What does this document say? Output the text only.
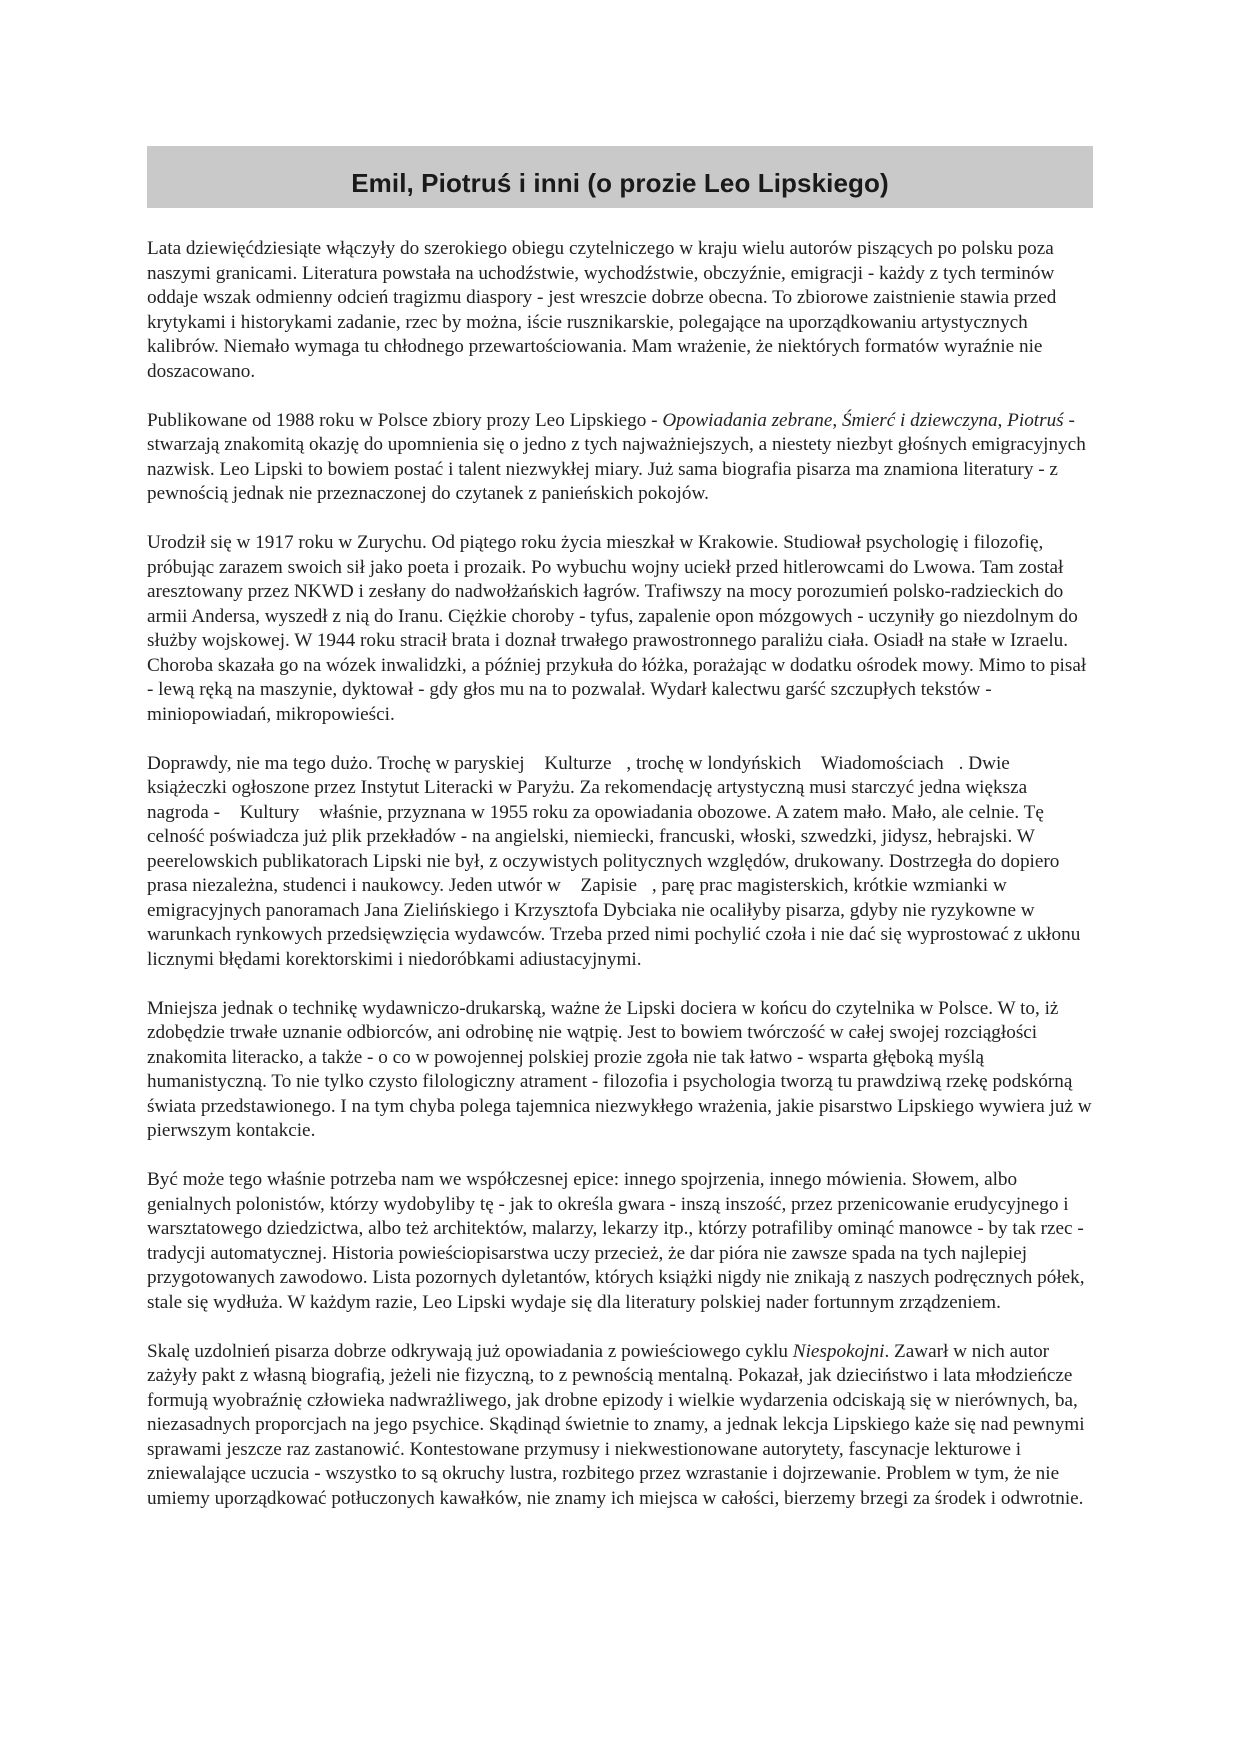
Emil, Piotruś i inni (o prozie Leo Lipskiego)

Lata dziewięćdziesiąte włączyły do szerokiego obiegu czytelniczego w kraju wielu autorów piszących po polsku poza naszymi granicami. Literatura powstała na uchodźstwie, wychodźstwie, obczyźnie, emigracji - każdy z tych terminów oddaje wszak odmienny odcień tragizmu diaspory - jest wreszcie dobrze obecna. To zbiorowe zaistnienie stawia przed krytykami i historykami zadanie, rzec by można, iście rusznikarskie, polegające na uporządkowaniu artystycznych kalibrów. Niemało wymaga tu chłodnego przewartościowania. Mam wrażenie, że niektórych formatów wyraźnie nie doszacowano.

Publikowane od 1988 roku w Polsce zbiory prozy Leo Lipskiego - Opowiadania zebrane, Śmierć i dziewczyna, Piotruś - stwarzają znakomitą okazję do upomnienia się o jedno z tych najważniejszych, a niestety niezbyt głośnych emigracyjnych nazwisk. Leo Lipski to bowiem postać i talent niezwykłej miary. Już sama biografia pisarza ma znamiona literatury - z pewnością jednak nie przeznaczonej do czytanek z panieńskich pokojów.

Urodził się w 1917 roku w Zurychu. Od piątego roku życia mieszkał w Krakowie. Studiował psychologię i filozofię, próbując zarazem swoich sił jako poeta i prozaik. Po wybuchu wojny uciekł przed hitlerowcami do Lwowa. Tam został aresztowany przez NKWD i zesłany do nadwołżańskich łagrów. Trafiwszy na mocy porozumień polsko-radzieckich do armii Andersa, wyszedł z nią do Iranu. Ciężkie choroby - tyfus, zapalenie opon mózgowych - uczyniły go niezdolnym do służby wojskowej. W 1944 roku stracił brata i doznał trwałego prawostronnego paraliżu ciała. Osiadł na stałe w Izraelu. Choroba skazała go na wózek inwalidzki, a później przykuła do łóżka, porażając w dodatku ośrodek mowy. Mimo to pisał - lewą ręką na maszynie, dyktował - gdy głos mu na to pozwalał. Wydarł kalectwu garść szczupłych tekstów - miniopowiadań, mikropowieści.

Doprawdy, nie ma tego dużo. Trochę w paryskiej  Kulturze , trochę w londyńskich  Wiadomościach . Dwie książeczki ogłoszone przez Instytut Literacki w Paryżu. Za rekomendację artystyczną musi starczyć jedna większa nagroda -  Kultury  właśnie, przyznana w 1955 roku za opowiadania obozowe. A zatem mało. Mało, ale celnie. Tę celność poświadcza już plik przekładów - na angielski, niemiecki, francuski, włoski, szwedzki, jidysz, hebrajski. W peerelowskich publikatorach Lipski nie był, z oczywistych politycznych względów, drukowany. Dostrzegła do dopiero prasa niezależna, studenci i naukowcy. Jeden utwór w  Zapisie , parę prac magisterskich, krótkie wzmianki w emigracyjnych panoramach Jana Zielińskiego i Krzysztofa Dybciaka nie ocaliłyby pisarza, gdyby nie ryzykowne w warunkach rynkowych przedsięwzięcia wydawców. Trzeba przed nimi pochylić czoła i nie dać się wyprostować z ukłonu licznymi błędami korektorskimi i niedoróbkami adiustacyjnymi.

Mniejsza jednak o technikę wydawniczo-drukarską, ważne że Lipski dociera w końcu do czytelnika w Polsce. W to, iż zdobędzie trwałe uznanie odbiorców, ani odrobinę nie wątpię. Jest to bowiem twórczość w całej swojej rozciągłości znakomita literacko, a także - o co w powojennej polskiej prozie zgoła nie tak łatwo - wsparta głęboką myślą humanistyczną. To nie tylko czysto filologiczny atrament - filozofia i psychologia tworzą tu prawdziwą rzekę podskórną świata przedstawionego. I na tym chyba polega tajemnica niezwykłego wrażenia, jakie pisarstwo Lipskiego wywiera już w pierwszym kontakcie.

Być może tego właśnie potrzeba nam we współczesnej epice: innego spojrzenia, innego mówienia. Słowem, albo genialnych polonistów, którzy wydobyliby tę - jak to określa gwara - inszą inszość, przez przenicowanie erudycyjnego i warsztatowego dziedzictwa, albo też architektów, malarzy, lekarzy itp., którzy potrafiliby ominąć manowce - by tak rzec - tradycji automatycznej. Historia powieściopisarstwa uczy przecież, że dar pióra nie zawsze spada na tych najlepiej przygotowanych zawodowo. Lista pozornych dyletantów, których książki nigdy nie znikają z naszych podręcznych półek, stale się wydłuża. W każdym razie, Leo Lipski wydaje się dla literatury polskiej nader fortunnym zrządzeniem.

Skalę uzdolnień pisarza dobrze odkrywają już opowiadania z powieściowego cyklu Niespokojni. Zawarł w nich autor zażyły pakt z własną biografią, jeżeli nie fizyczną, to z pewnością mentalną. Pokazał, jak dzieciństwo i lata młodzieńcze formują wyobraźnię człowieka nadwrażliwego, jak drobne epizody i wielkie wydarzenia odciskają się w nierównych, ba, niezasadnych proporcjach na jego psychice. Skądinąd świetnie to znamy, a jednak lekcja Lipskiego każe się nad pewnymi sprawami jeszcze raz zastanowić. Kontestowane przymusy i niekwestionowane autorytety, fascynacje lekturowe i zniewalające uczucia - wszystko to są okruchy lustra, rozbitego przez wzrastanie i dojrzewanie. Problem w tym, że nie umiemy uporządkować potłuczonych kawałków, nie znamy ich miejsca w całości, bierzemy brzegi za środek i odwrotnie.
